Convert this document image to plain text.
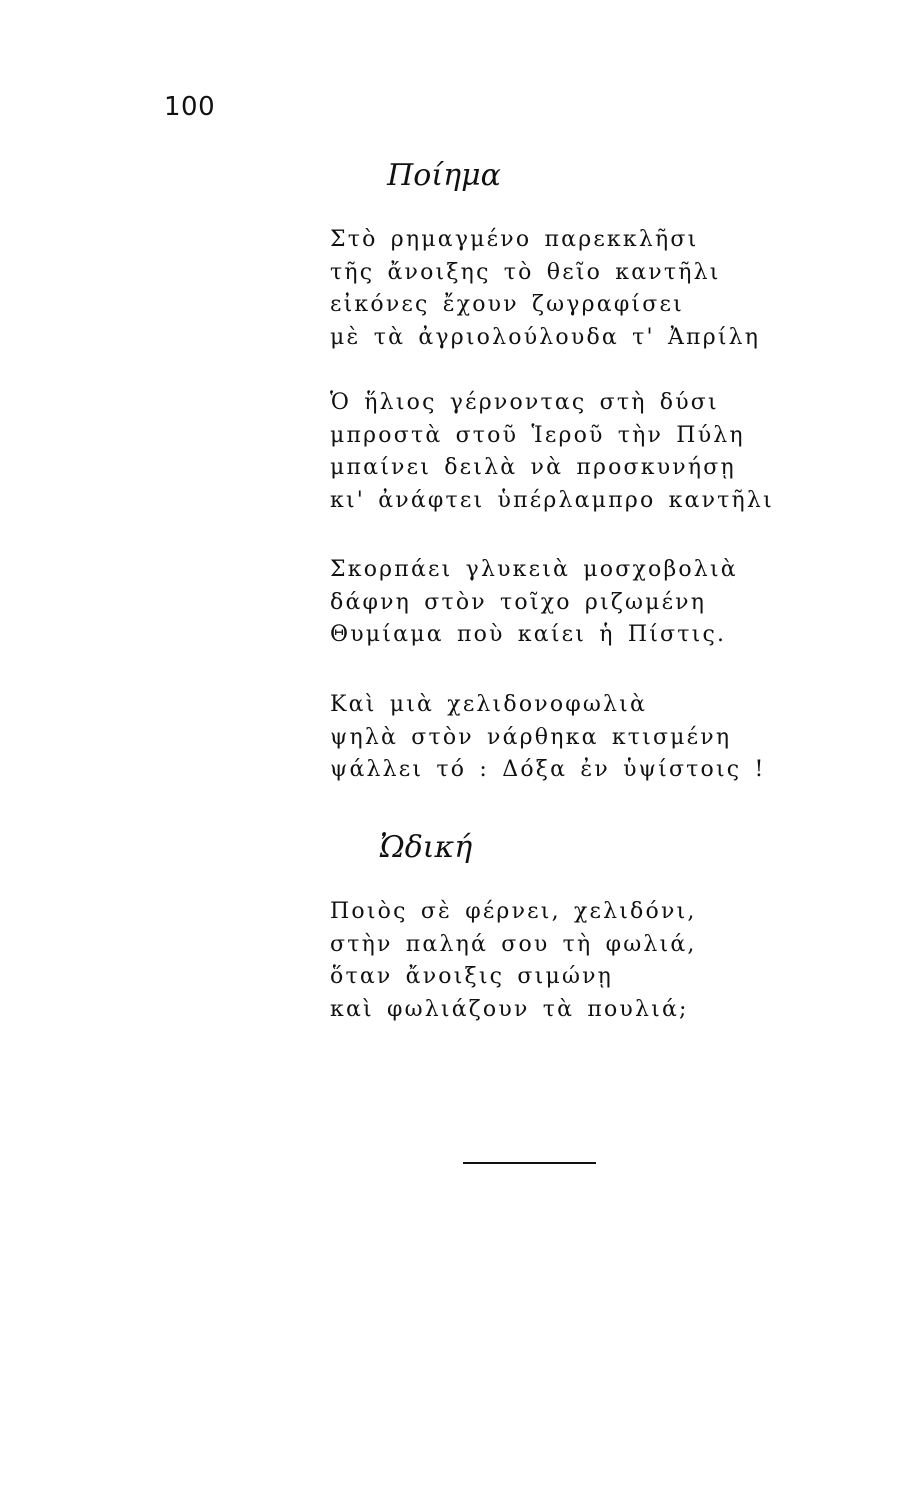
100
Ποίημα
Στὸ ρημαγμένο παρεκκλῆσι
τῆς ἄνοιξης τὸ θεῖο καντῆλι
εἰκόνες ἔχουν ζωγραφίσει
μὲ τὰ ἀγριολούλουδα τ' Ἀπρίλη
Ὁ ἥλιος γέρνοντας στὴ δύσι
μπροστὰ στοῦ Ἱεροῦ τὴν Πύλη
μπαίνει δειλὰ νὰ προσκυνήσῃ
κι' ἀνάφτει ὑπέρλαμπρο καντῆλι
Σκορπάει γλυκειὰ μοσχοβολιὰ
δάφνη στὸν τοῖχο ριζωμένη
Θυμίαμα ποὺ καίει ἡ Πίστις.
Καὶ μιὰ χελιδονοφωλιὰ
ψηλὰ στὸν νάρθηκα κτισμένη
ψάλλει τό : Δόξα ἐν ὑψίστοις !
Ὠδική
Ποιὸς σὲ φέρνει, χελιδόνι,
στὴν παληά σου τὴ φωλιά,
ὅταν ἄνοιξις σιμώνῃ
καὶ φωλιάζουν τὰ πουλιά;
